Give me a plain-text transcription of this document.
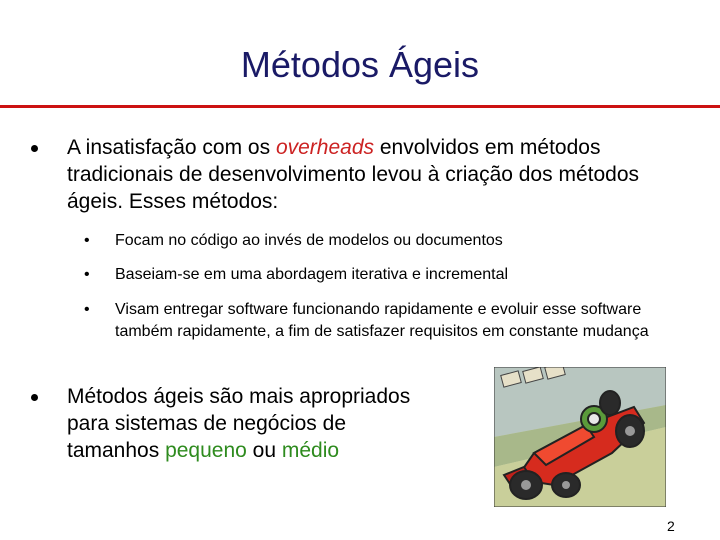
Métodos Ágeis
A insatisfação com os overheads envolvidos em métodos tradicionais de desenvolvimento levou à criação dos métodos ágeis. Esses métodos:
• Focam no código ao invés de modelos ou documentos
• Baseiam-se em uma abordagem iterativa e incremental
• Visam entregar software funcionando rapidamente e evoluir esse software também rapidamente, a fim de satisfazer requisitos em constante mudança
Métodos ágeis são mais apropriados para sistemas de negócios de tamanhos pequeno ou médio
2
